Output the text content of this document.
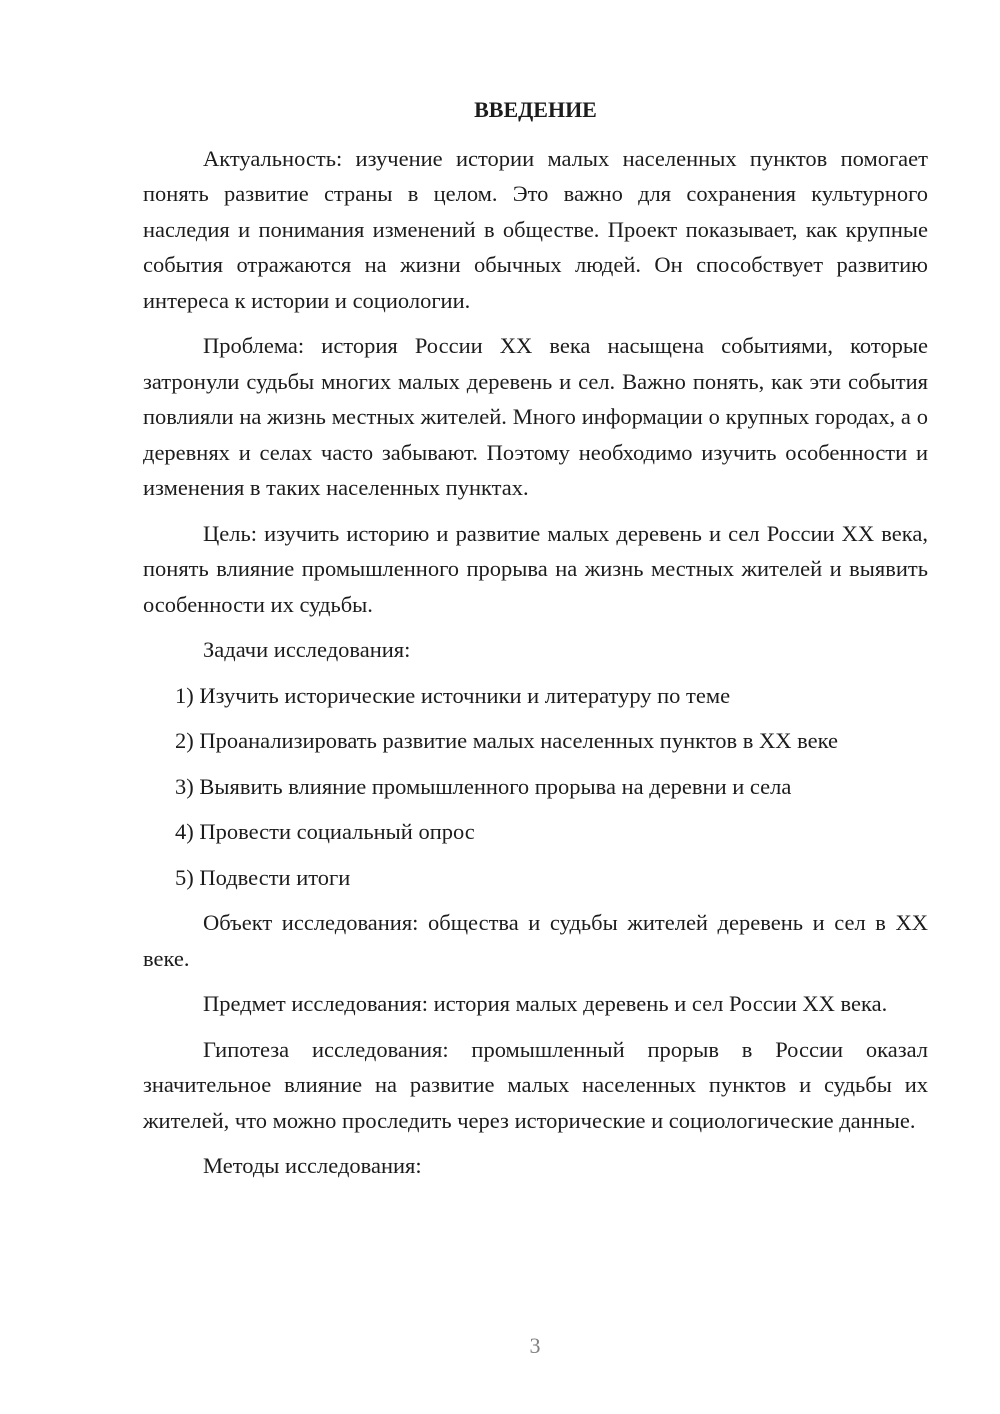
ВВЕДЕНИЕ

Актуальность: изучение истории малых населенных пунктов помогает понять развитие страны в целом. Это важно для сохранения культурного наследия и понимания изменений в обществе. Проект показывает, как крупные события отражаются на жизни обычных людей. Он способствует развитию интереса к истории и социологии.

Проблема: история России XX века насыщена событиями, которые затронули судьбы многих малых деревень и сел. Важно понять, как эти события повлияли на жизнь местных жителей. Много информации о крупных городах, а о деревнях и селах часто забывают. Поэтому необходимо изучить особенности и изменения в таких населенных пунктах.

Цель: изучить историю и развитие малых деревень и сел России XX века, понять влияние промышленного прорыва на жизнь местных жителей и выявить особенности их судьбы.

Задачи исследования:

1) Изучить исторические источники и литературу по теме
2) Проанализировать развитие малых населенных пунктов в XX веке
3) Выявить влияние промышленного прорыва на деревни и села
4) Провести социальный опрос
5) Подвести итоги

Объект исследования: общества и судьбы жителей деревень и сел в XX веке.

Предмет исследования: история малых деревень и сел России XX века.

Гипотеза исследования: промышленный прорыв в России оказал значительное влияние на развитие малых населенных пунктов и судьбы их жителей, что можно проследить через исторические и социологические данные.

Методы исследования:

3
